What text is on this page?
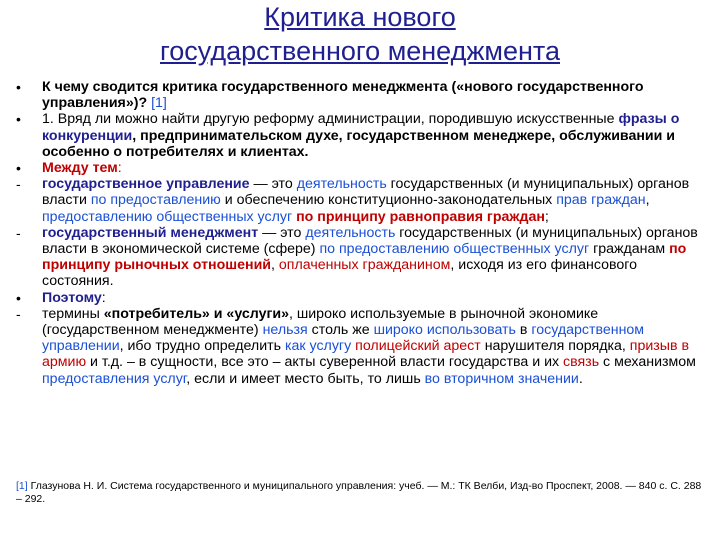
Критика нового
государственного менеджмента
•	К чему сводится критика государственного менеджмента («нового государственного управления»)? [1]
•	1. Вряд ли можно найти другую реформу администрации, породившую искусственные фразы о конкуренции, предпринимательском духе, государственном менеджере, обслуживании и особенно о потребителях и клиентах.
•	Между тем:
-	государственное управление — это деятельность государственных (и муниципальных) органов власти по предоставлению и обеспечению конституционно-законодательных прав граждан, предоставлению общественных услуг по принципу равноправия граждан;
-	государственный менеджмент — это деятельность государственных (и муниципальных) органов власти в экономической системе (сфере) по предоставлению общественных услуг гражданам по принципу рыночных отношений, оплаченных гражданином, исходя из его финансового состояния.
•	Поэтому:
-	термины «потребитель» и «услуги», широко используемые в рыночной экономике (государственном менеджменте) нельзя столь же широко использовать в государственном управлении, ибо трудно определить как услугу полицейский арест нарушителя порядка, призыв в армию и т.д. – в сущности, все это – акты суверенной власти государства и их связь с механизмом предоставления услуг, если и имеет место быть, то лишь во вторичном значении.
[1] Глазунова Н. И. Система государственного и муниципального управления: учеб. — М.: ТК Велби, Изд-во Проспект, 2008. — 840 с. С. 288 – 292.
